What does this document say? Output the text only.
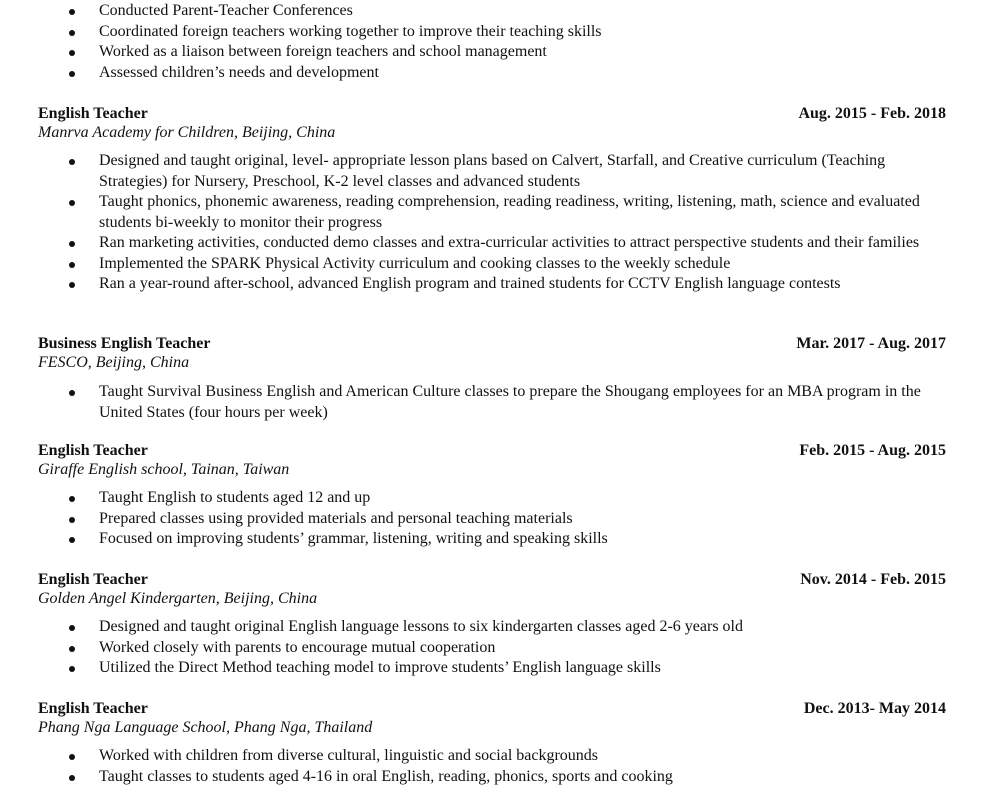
Conducted Parent-Teacher Conferences
Coordinated foreign teachers working together to improve their teaching skills
Worked as a liaison between foreign teachers and school management
Assessed children’s needs and development
English Teacher	Aug. 2015 - Feb. 2018
Manrva Academy for Children, Beijing, China
Designed and taught original, level- appropriate lesson plans based on Calvert, Starfall, and Creative curriculum (Teaching Strategies) for Nursery, Preschool, K-2 level classes and advanced students
Taught phonics, phonemic awareness, reading comprehension, reading readiness, writing, listening, math, science and evaluated students bi-weekly to monitor their progress
Ran marketing activities, conducted demo classes and extra-curricular activities to attract perspective students and their families
Implemented the SPARK Physical Activity curriculum and cooking classes to the weekly schedule
Ran a year-round after-school, advanced English program and trained students for CCTV English language contests
Business English Teacher	Mar. 2017 - Aug. 2017
FESCO, Beijing, China
Taught Survival Business English and American Culture classes to prepare the Shougang employees for an MBA program in the United States (four hours per week)
English Teacher	Feb. 2015 - Aug. 2015
Giraffe English school, Tainan, Taiwan
Taught English to students aged 12 and up
Prepared classes using provided materials and personal teaching materials
Focused on improving students’ grammar, listening, writing and speaking skills
English Teacher	Nov. 2014 - Feb. 2015
Golden Angel Kindergarten, Beijing, China
Designed and taught original English language lessons to six kindergarten classes aged 2-6 years old
Worked closely with parents to encourage mutual cooperation
Utilized the Direct Method teaching model to improve students’ English language skills
English Teacher	Dec. 2013- May 2014
Phang Nga Language School, Phang Nga, Thailand
Worked with children from diverse cultural, linguistic and social backgrounds
Taught classes to students aged 4-16 in oral English, reading, phonics, sports and cooking
